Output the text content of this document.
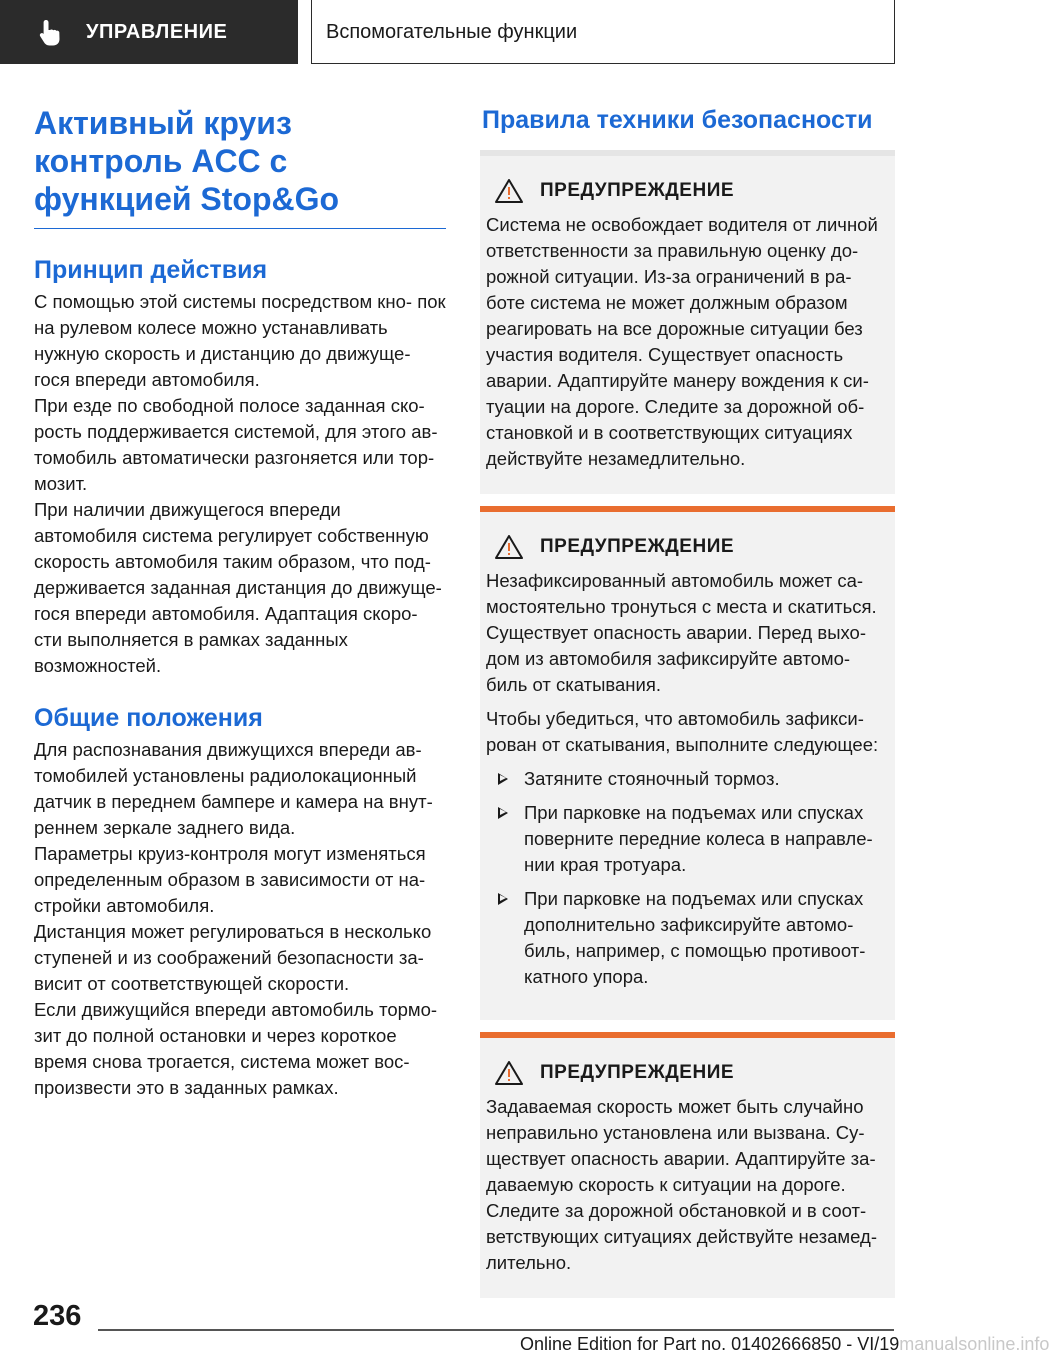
УПРАВЛЕНИЕ	Вспомогательные функции
Активный круиз контроль ACC с функцией Stop&Go
Принцип действия

С помощью этой системы посредством кно- пок на рулевом колесе можно устанавливать нужную скорость и дистанцию до движуще- гося впереди автомобиля.

При езде по свободной полосе заданная ско- рость поддерживается системой, для этого ав- томобиль автоматически разгоняется или тор- мозит.

При наличии движущегося впереди автомобиля система регулирует собственную скорость автомобиля таким образом, что под- держивается заданная дистанция до движуще- гося впереди автомобиля. Адаптация скоро- сти выполняется в рамках заданных возможностей.

Общие положения

Для распознавания движущихся впереди ав- томобилей установлены радиолокационный датчик в переднем бампере и камера на внут- реннем зеркале заднего вида.

Параметры круиз-контроля могут изменяться определенным образом в зависимости от на- стройки автомобиля.

Дистанция может регулироваться в несколько ступеней и из соображений безопасности за- висит от соответствующей скорости.

Если движущийся впереди автомобиль тормо- зит до полной остановки и через короткое время снова трогается, система может вос- произвести это в заданных рамках.

Правила техники безопасности
ПРЕДУПРЕЖДЕНИЕ

Система не освобождает водителя от личной ответственности за правильную оценку до- рожной ситуации. Из-за ограничений в ра- боте система не может должным образом реагировать на все дорожные ситуации без участия водителя. Существует опасность аварии. Адаптируйте манеру вождения к си- туации на дороге. Следите за дорожной об- становкой и в соответствующих ситуациях действуйте незамедлительно.

ПРЕДУПРЕЖДЕНИЕ

Незафиксированный автомобиль может са- мостоятельно тронуться с места и скатиться. Существует опасность аварии. Перед выхо- дом из автомобиля зафиксируйте автомо- биль от скатывания.

Чтобы убедиться, что автомобиль зафикси- рован от скатывания, выполните следующее:

Затяните стояночный тормоз.
При парковке на подъемах или спусках поверните передние колеса в направле- нии края тротуара.
При парковке на подъемах или спусках дополнительно зафиксируйте автомо- биль, например, с помощью противоот- катного упора.
ПРЕДУПРЕЖДЕНИЕ

Задаваемая скорость может быть случайно неправильно установлена или вызвана. Су- ществует опасность аварии. Адаптируйте за- даваемую скорость к ситуации на дороге. Следите за дорожной обстановкой и в соот- ветствующих ситуациях действуйте незамед- лительно.

236
Online Edition for Part no. 01402666850 - VI/19manualsonline.info
